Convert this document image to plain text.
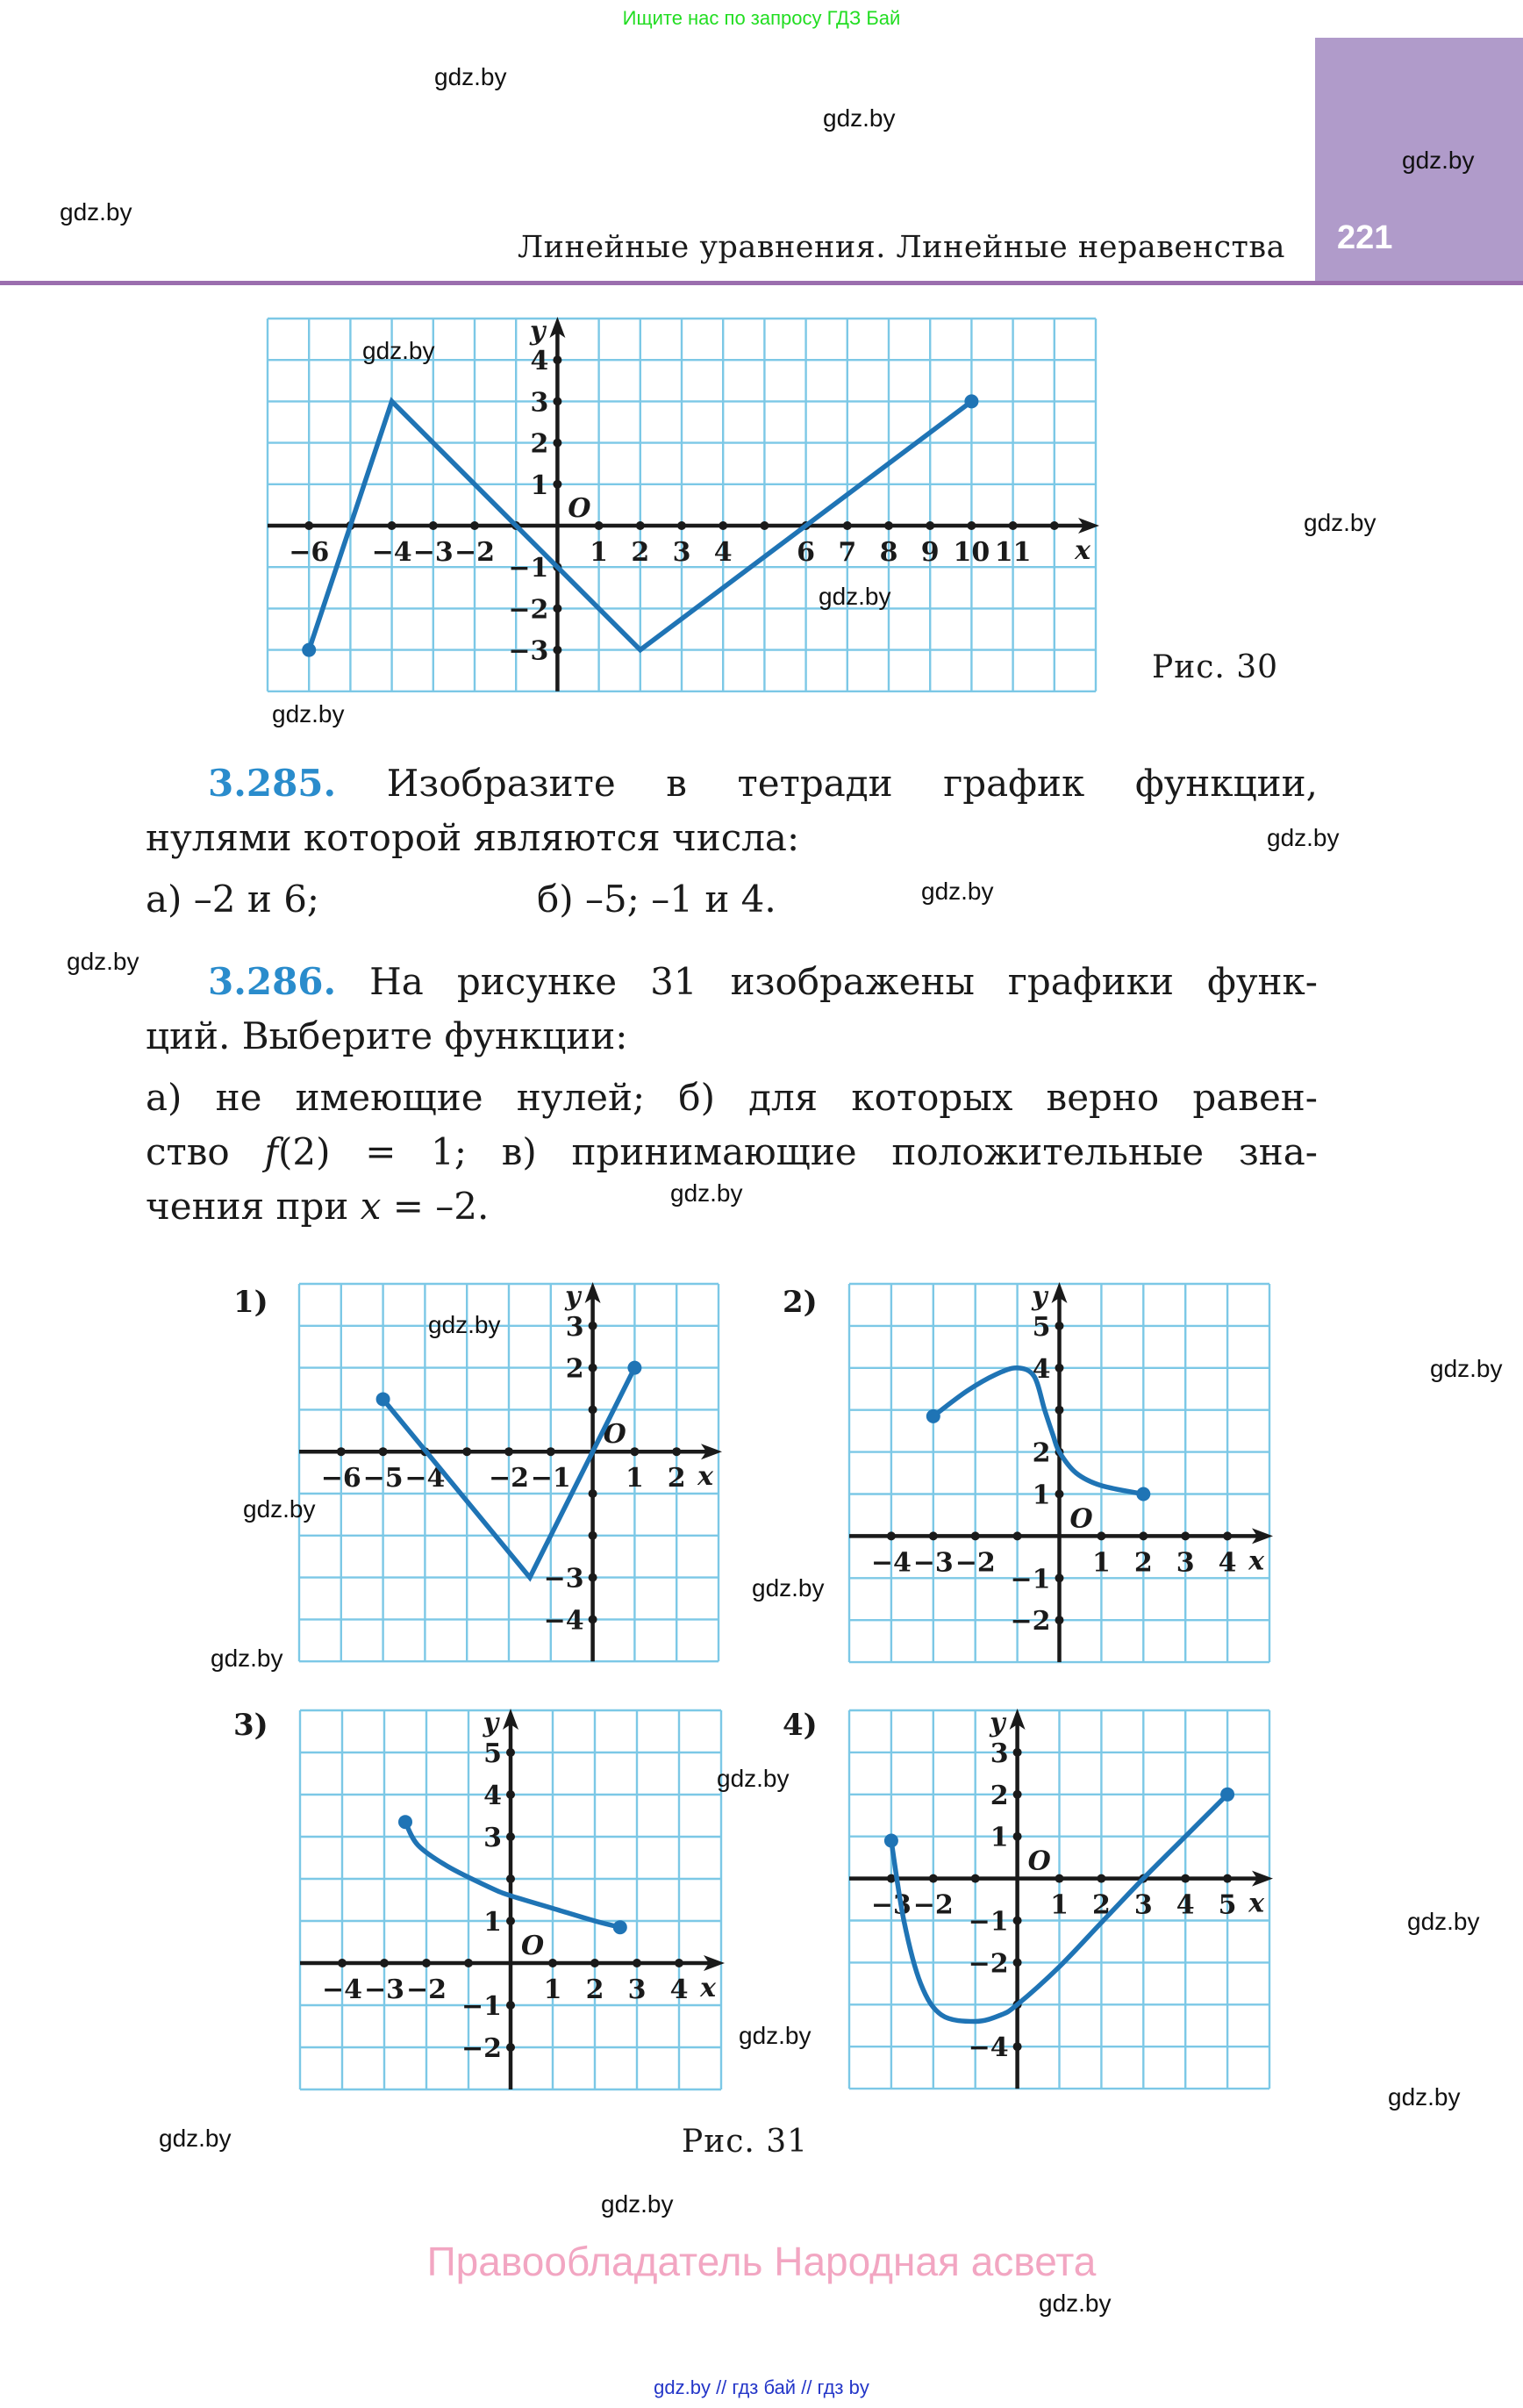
Ищите нас по запросу ГДЗ Бай
221
Линейные уравнения. Линейные неравенства
−6 −4 −3 −2	1 2 3 4 6 7 8 9 10 11
4
3
2
1
−1
−2
−3
x
y
O
Рис. 30
3.285. Изобразите в тетради график функции,
нулями которой являются числа:
а) –2 и 6;	б) –5; –1 и 4.
3.286. На рисунке 31 изображены графики функ-
ций. Выберите функции:
а) не имеющие нулей; б) для которых верно равен-
ство f(2) = 1; в) принимающие положительные зна-
чения при x = –2.
1)	2)
3)	4)
−6 −5 −4 −2 −1 1 2
3
2
−3
−4
x
y
O
−4 −3 −2	1 2 3 4
5
4
2
1
−1
−2
x
y
O
−4 −3 −2	1 2 3 4
5
4
3
1
−1
−2
x
y
O
−3 −2	1 2 3 4 5
3
2
1
−1
−2
−4
x
y
O
Рис. 31
gdz.by
gdz.by
gdz.by
gdz.by
gdz.by
gdz.by
gdz.by
gdz.by
gdz.by
gdz.by
gdz.by
gdz.by
gdz.by
gdz.by
gdz.by
gdz.by
gdz.by
gdz.by
gdz.by
gdz.by
gdz.by
gdz.by
gdz.by
gdz.by
Правообладатель Народная асвета
gdz.by // гдз бай // гдз by
